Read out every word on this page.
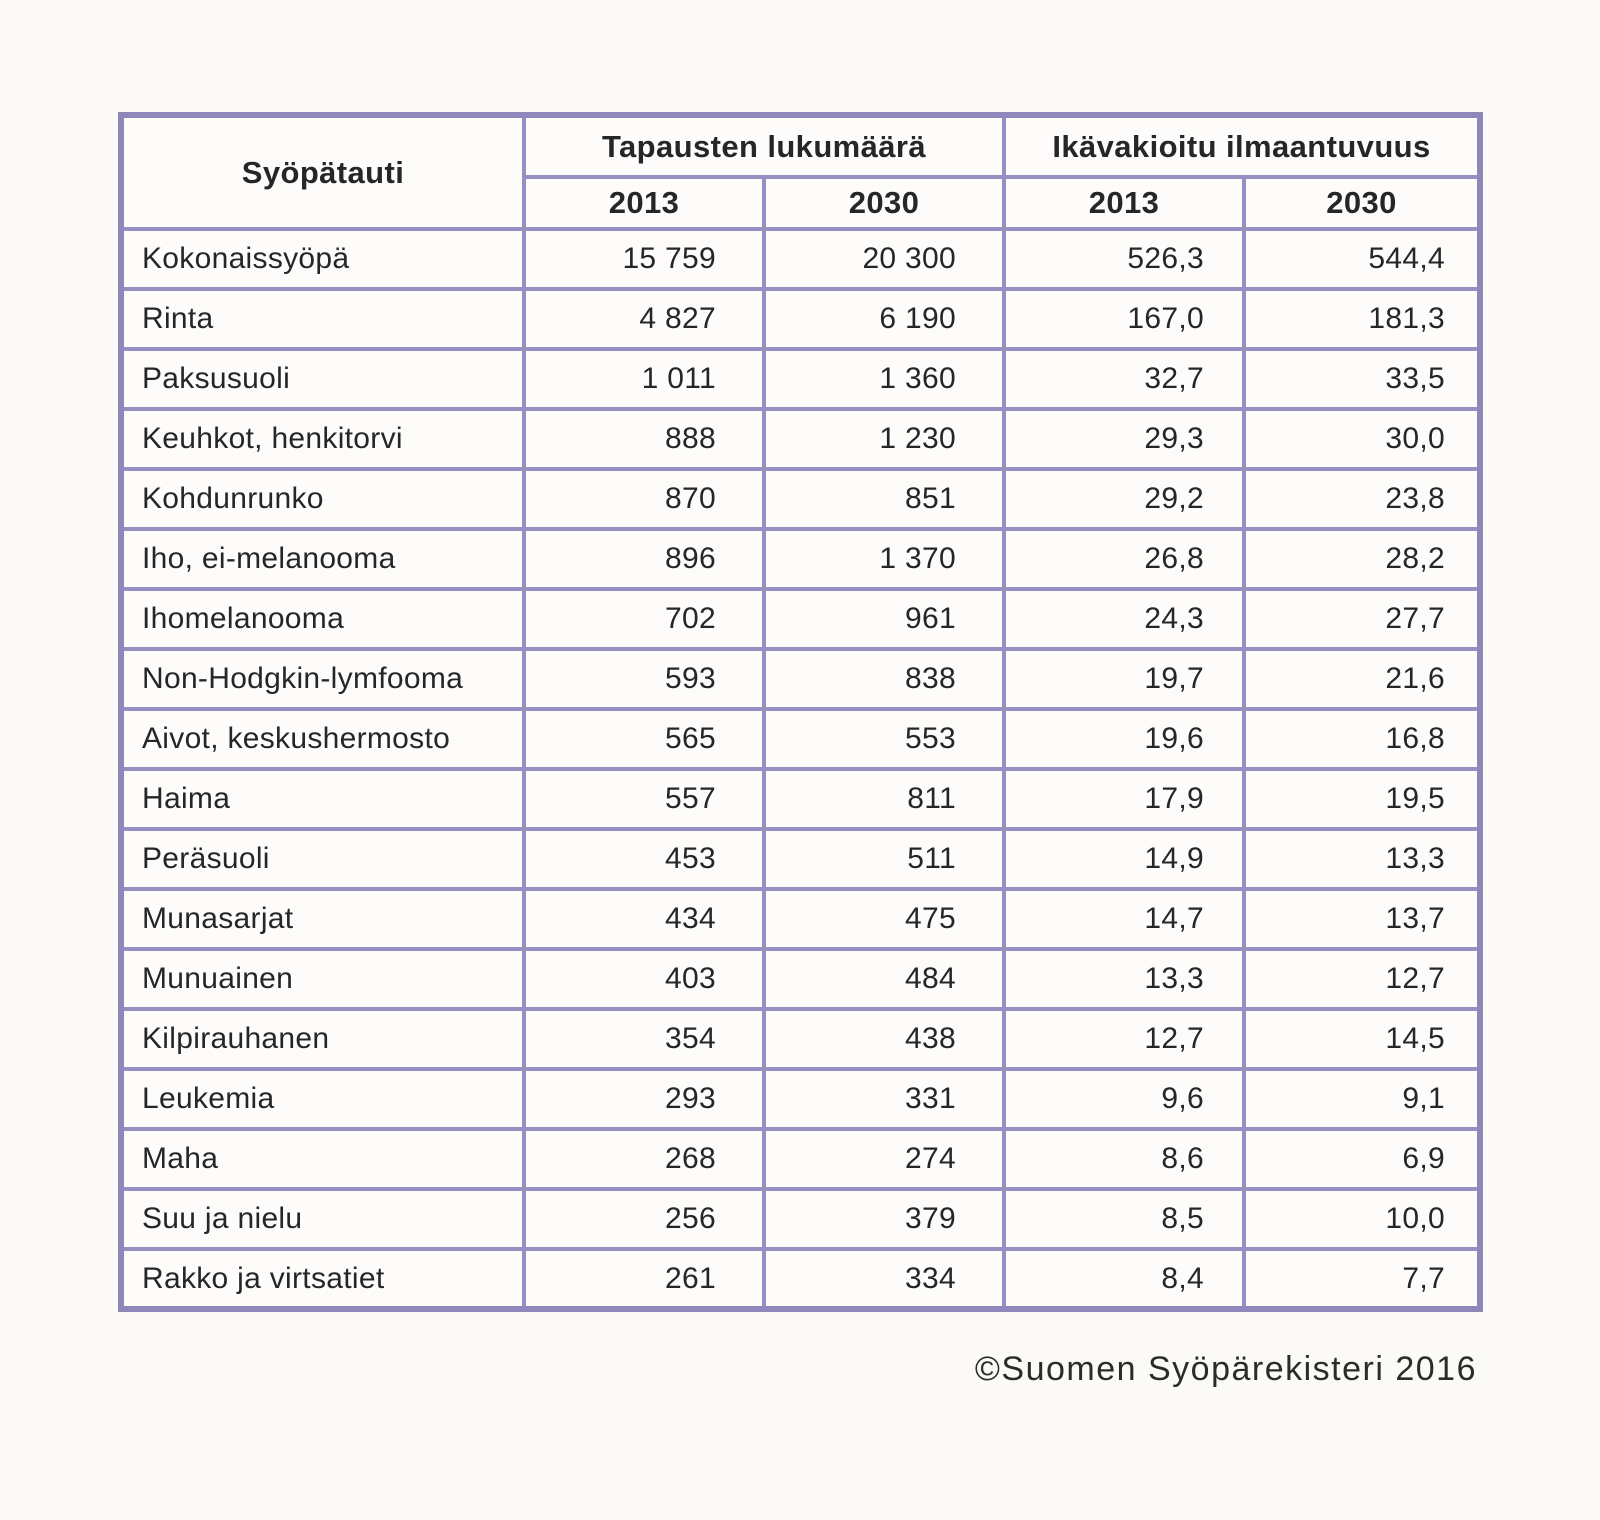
Syöpätauti	Tapausten lukumäärä		Ikävakioitu ilmaantuvuus	
	2013	2030	2013	2030
Kokonaissyöpä	15 759	20 300	526,3	544,4
Rinta	4 827	6 190	167,0	181,3
Paksusuoli	1 011	1 360	32,7	33,5
Keuhkot, henkitorvi	888	1 230	29,3	30,0
Kohdunrunko	870	851	29,2	23,8
Iho, ei-melanooma	896	1 370	26,8	28,2
Ihomelanooma	702	961	24,3	27,7
Non-Hodgkin-lymfooma	593	838	19,7	21,6
Aivot, keskushermosto	565	553	19,6	16,8
Haima	557	811	17,9	19,5
Peräsuoli	453	511	14,9	13,3
Munasarjat	434	475	14,7	13,7
Munuainen	403	484	13,3	12,7
Kilpirauhanen	354	438	12,7	14,5
Leukemia	293	331	9,6	9,1
Maha	268	274	8,6	6,9
Suu ja nielu	256	379	8,5	10,0
Rakko ja virtsatiet	261	334	8,4	7,7
©Suomen Syöpärekisteri 2016
